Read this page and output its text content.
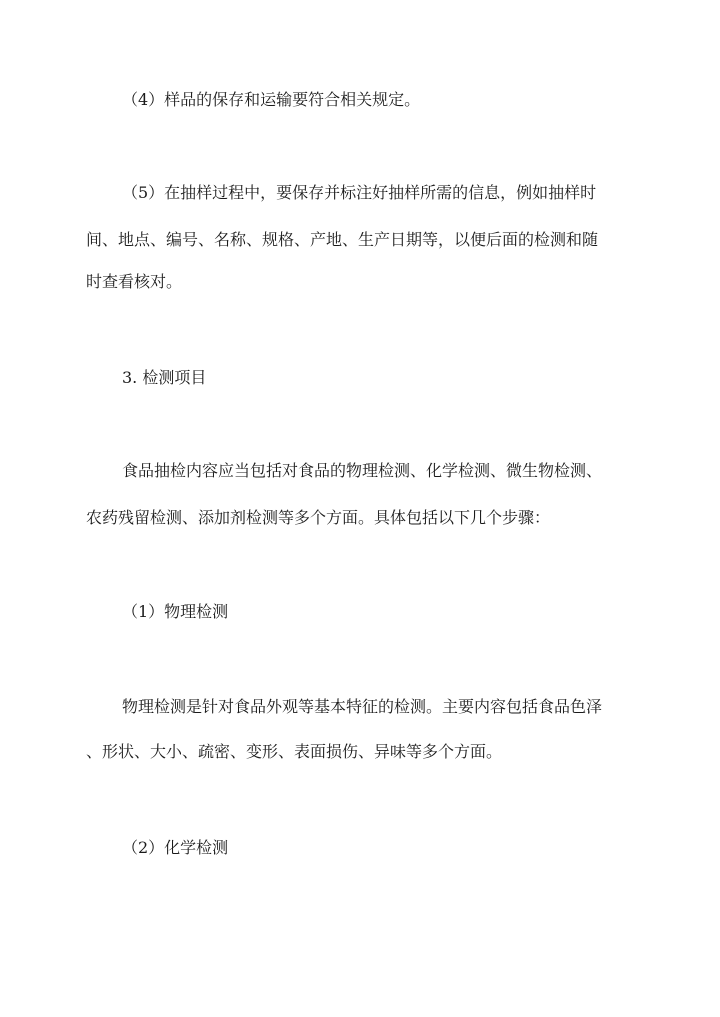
（4）样品的保存和运输要符合相关规定。

（5）在抽样过程中，要保存并标注好抽样所需的信息，例如抽样时

间、地点、编号、名称、规格、产地、生产日期等，以便后面的检测和随

时查看核对。

3. 检测项目

食品抽检内容应当包括对食品的物理检测、化学检测、微生物检测、

农药残留检测、添加剂检测等多个方面。具体包括以下几个步骤：

（1）物理检测

物理检测是针对食品外观等基本特征的检测。主要内容包括食品色泽

、形状、大小、疏密、变形、表面损伤、异味等多个方面。

（2）化学检测
